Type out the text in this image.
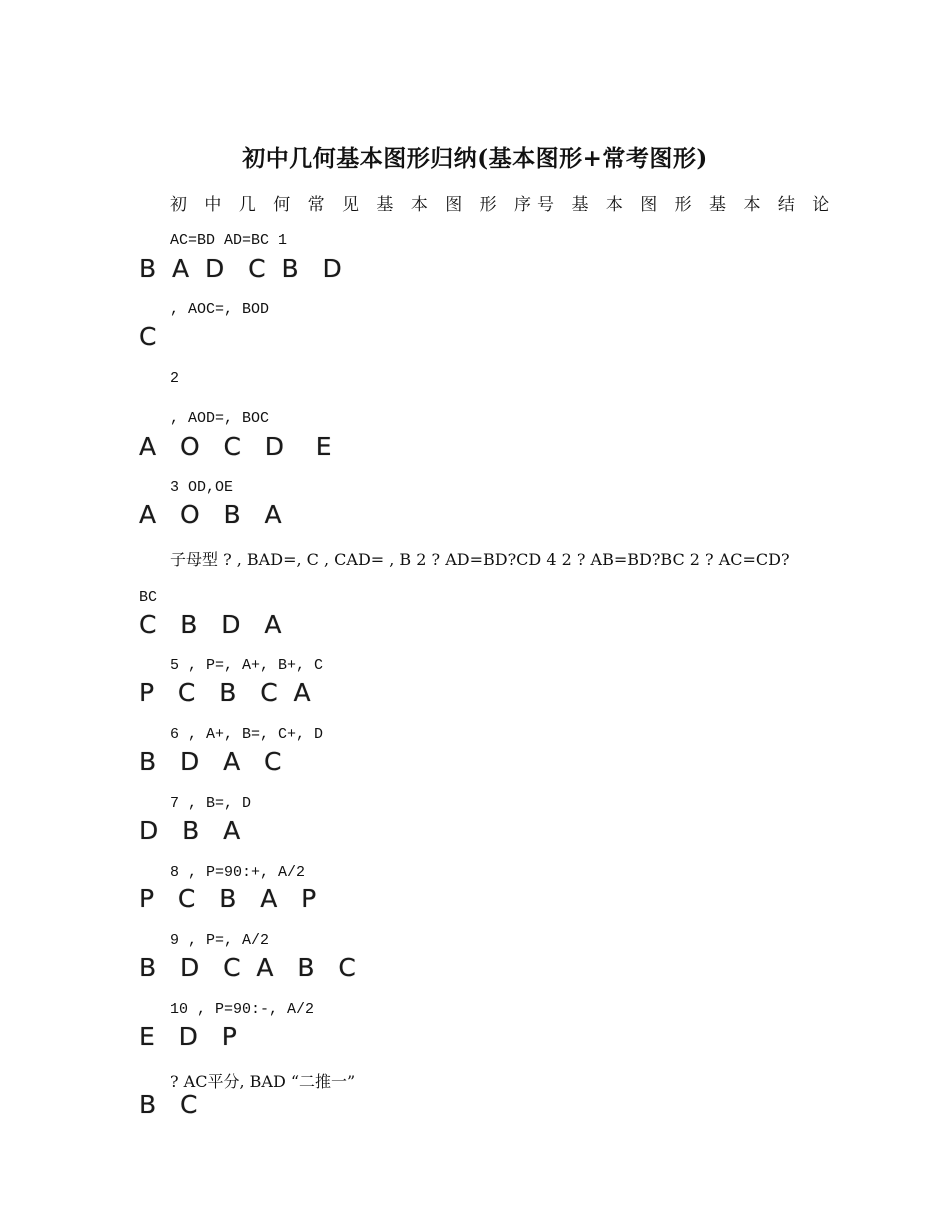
初中几何基本图形归纳(基本图形+常考图形)
初 中 几 何 常 见 基 本 图 形 序号 基 本 图 形 基 本 结 论
AC=BD AD=BC 1
B  A  D   C  B   D
, AOC=, BOD
C
2
, AOD=, BOC
A   O   C   D    E
3 OD,OE
A   O   B   A
子母型 ? , BAD=, C , CAD= , B 2 ? AD=BD?CD 4 2 ? AB=BD?BC 2 ? AC=CD?
BC
C   B   D   A
5 , P=, A+, B+, C
P   C   B   C  A
6 , A+, B=, C+, D
B   D   A   C
7 , B=, D
D   B   A
8 , P=90:+, A/2
P   C   B   A   P
9 , P=, A/2
B   D   C  A   B   C
10 , P=90:-, A/2
E   D   P
? AC平分, BAD “二推一”
B   C
